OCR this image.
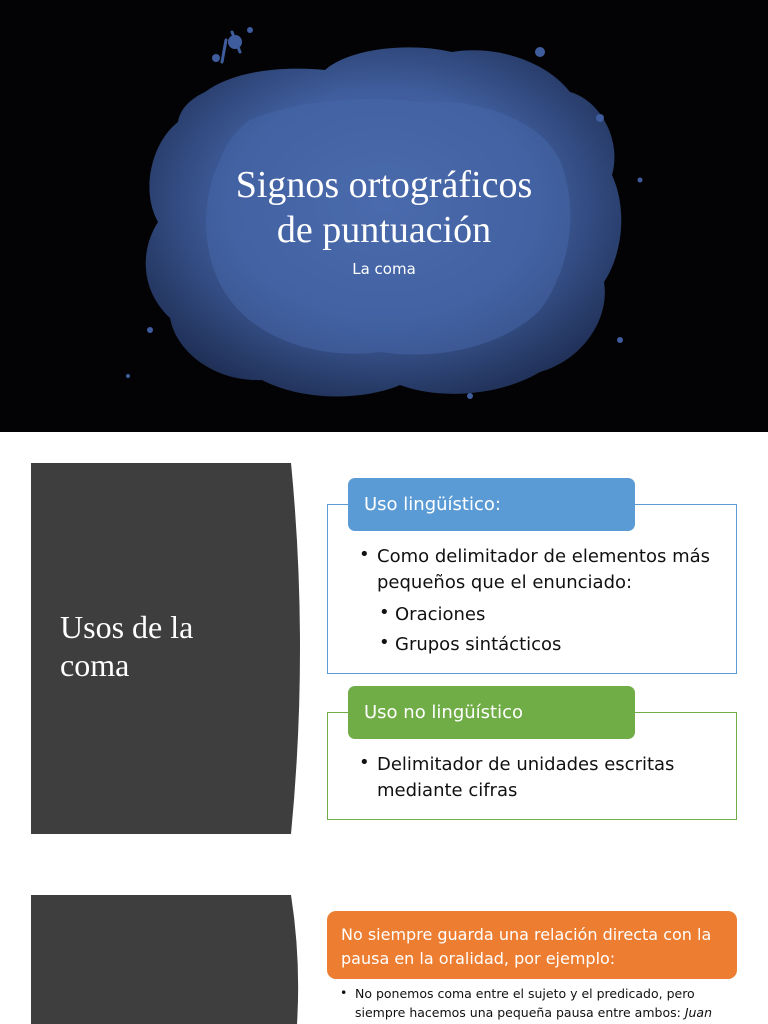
Signos ortográficos
de puntuación
La coma
Usos de la
coma
Uso lingüístico:
• Como delimitador de elementos más pequeños que el enunciado:
• Oraciones
• Grupos sintácticos
Uso no lingüístico
• Delimitador de unidades escritas mediante cifras
No siempre guarda una relación directa con la pausa en la oralidad, por ejemplo:
• No ponemos coma entre el sujeto y el predicado, pero siempre hacemos una pequeña pausa entre ambos: Juan
